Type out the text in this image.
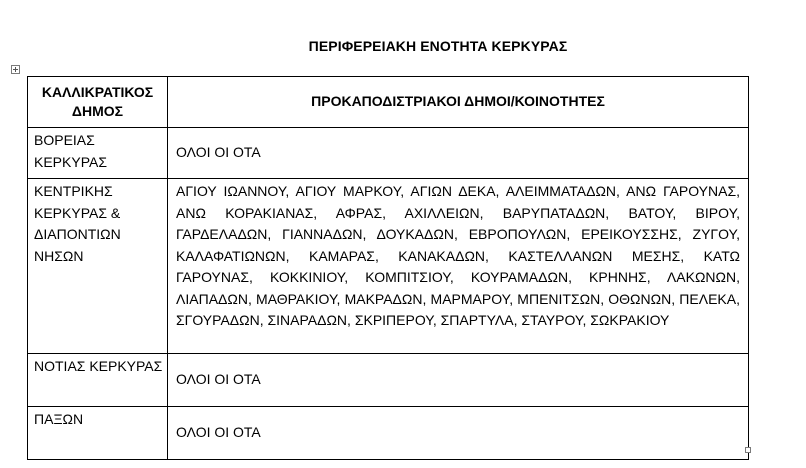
ΠΕΡΙΦΕΡΕΙΑΚΗ ΕΝΟΤΗΤΑ ΚΕΡΚΥΡΑΣ
ΚΑΛΛΙΚΡΑΤΙΚΟΣ ΔΗΜΟΣ	ΠΡΟΚΑΠΟΔΙΣΤΡΙΑΚΟΙ ΔΗΜΟΙ/ΚΟΙΝΟΤΗΤΕΣ
ΒΟΡΕΙΑΣ ΚΕΡΚΥΡΑΣ	ΟΛΟΙ ΟΙ ΟΤΑ
ΚΕΝΤΡΙΚΗΣ ΚΕΡΚΥΡΑΣ & ΔΙΑΠΟΝΤΙΩΝ ΝΗΣΩΝ	ΑΓΙΟΥ ΙΩΑΝΝΟΥ, ΑΓΙΟΥ ΜΑΡΚΟΥ, ΑΓΙΩΝ ΔΕΚΑ, ΑΛΕΙΜΜΑΤΑΔΩΝ, ΑΝΩ ΓΑΡΟΥΝΑΣ, ΑΝΩ ΚΟΡΑΚΙΑΝΑΣ, ΑΦΡΑΣ, ΑΧΙΛΛΕΙΩΝ, ΒΑΡΥΠΑΤΑΔΩΝ, ΒΑΤΟΥ, ΒΙΡΟΥ, ΓΑΡΔΕΛΑΔΩΝ, ΓΙΑΝΝΑΔΩΝ, ΔΟΥΚΑΔΩΝ, ΕΒΡΟΠΟΥΛΩΝ, ΕΡΕΙΚΟΥΣΣΗΣ, ΖΥΓΟΥ, ΚΑΛΑΦΑΤΙΩΝΩΝ, ΚΑΜΑΡΑΣ, ΚΑΝΑΚΑΔΩΝ, ΚΑΣΤΕΛΛΑΝΩΝ ΜΕΣΗΣ, ΚΑΤΩ ΓΑΡΟΥΝΑΣ, ΚΟΚΚΙΝΙΟΥ, ΚΟΜΠΙΤΣΙΟΥ, ΚΟΥΡΑΜΑΔΩΝ, ΚΡΗΝΗΣ, ΛΑΚΩΝΩΝ, ΛΙΑΠΑΔΩΝ, ΜΑΘΡΑΚΙΟΥ, ΜΑΚΡΑΔΩΝ, ΜΑΡΜΑΡΟΥ, ΜΠΕΝΙΤΣΩΝ, ΟΘΩΝΩΝ, ΠΕΛΕΚΑ, ΣΓΟΥΡΑΔΩΝ, ΣΙΝΑΡΑΔΩΝ, ΣΚΡΙΠΕΡΟΥ, ΣΠΑΡΤΥΛΑ, ΣΤΑΥΡΟΥ, ΣΩΚΡΑΚΙΟΥ
ΝΟΤΙΑΣ ΚΕΡΚΥΡΑΣ	ΟΛΟΙ ΟΙ ΟΤΑ
ΠΑΞΩΝ	ΟΛΟΙ ΟΙ ΟΤΑ
